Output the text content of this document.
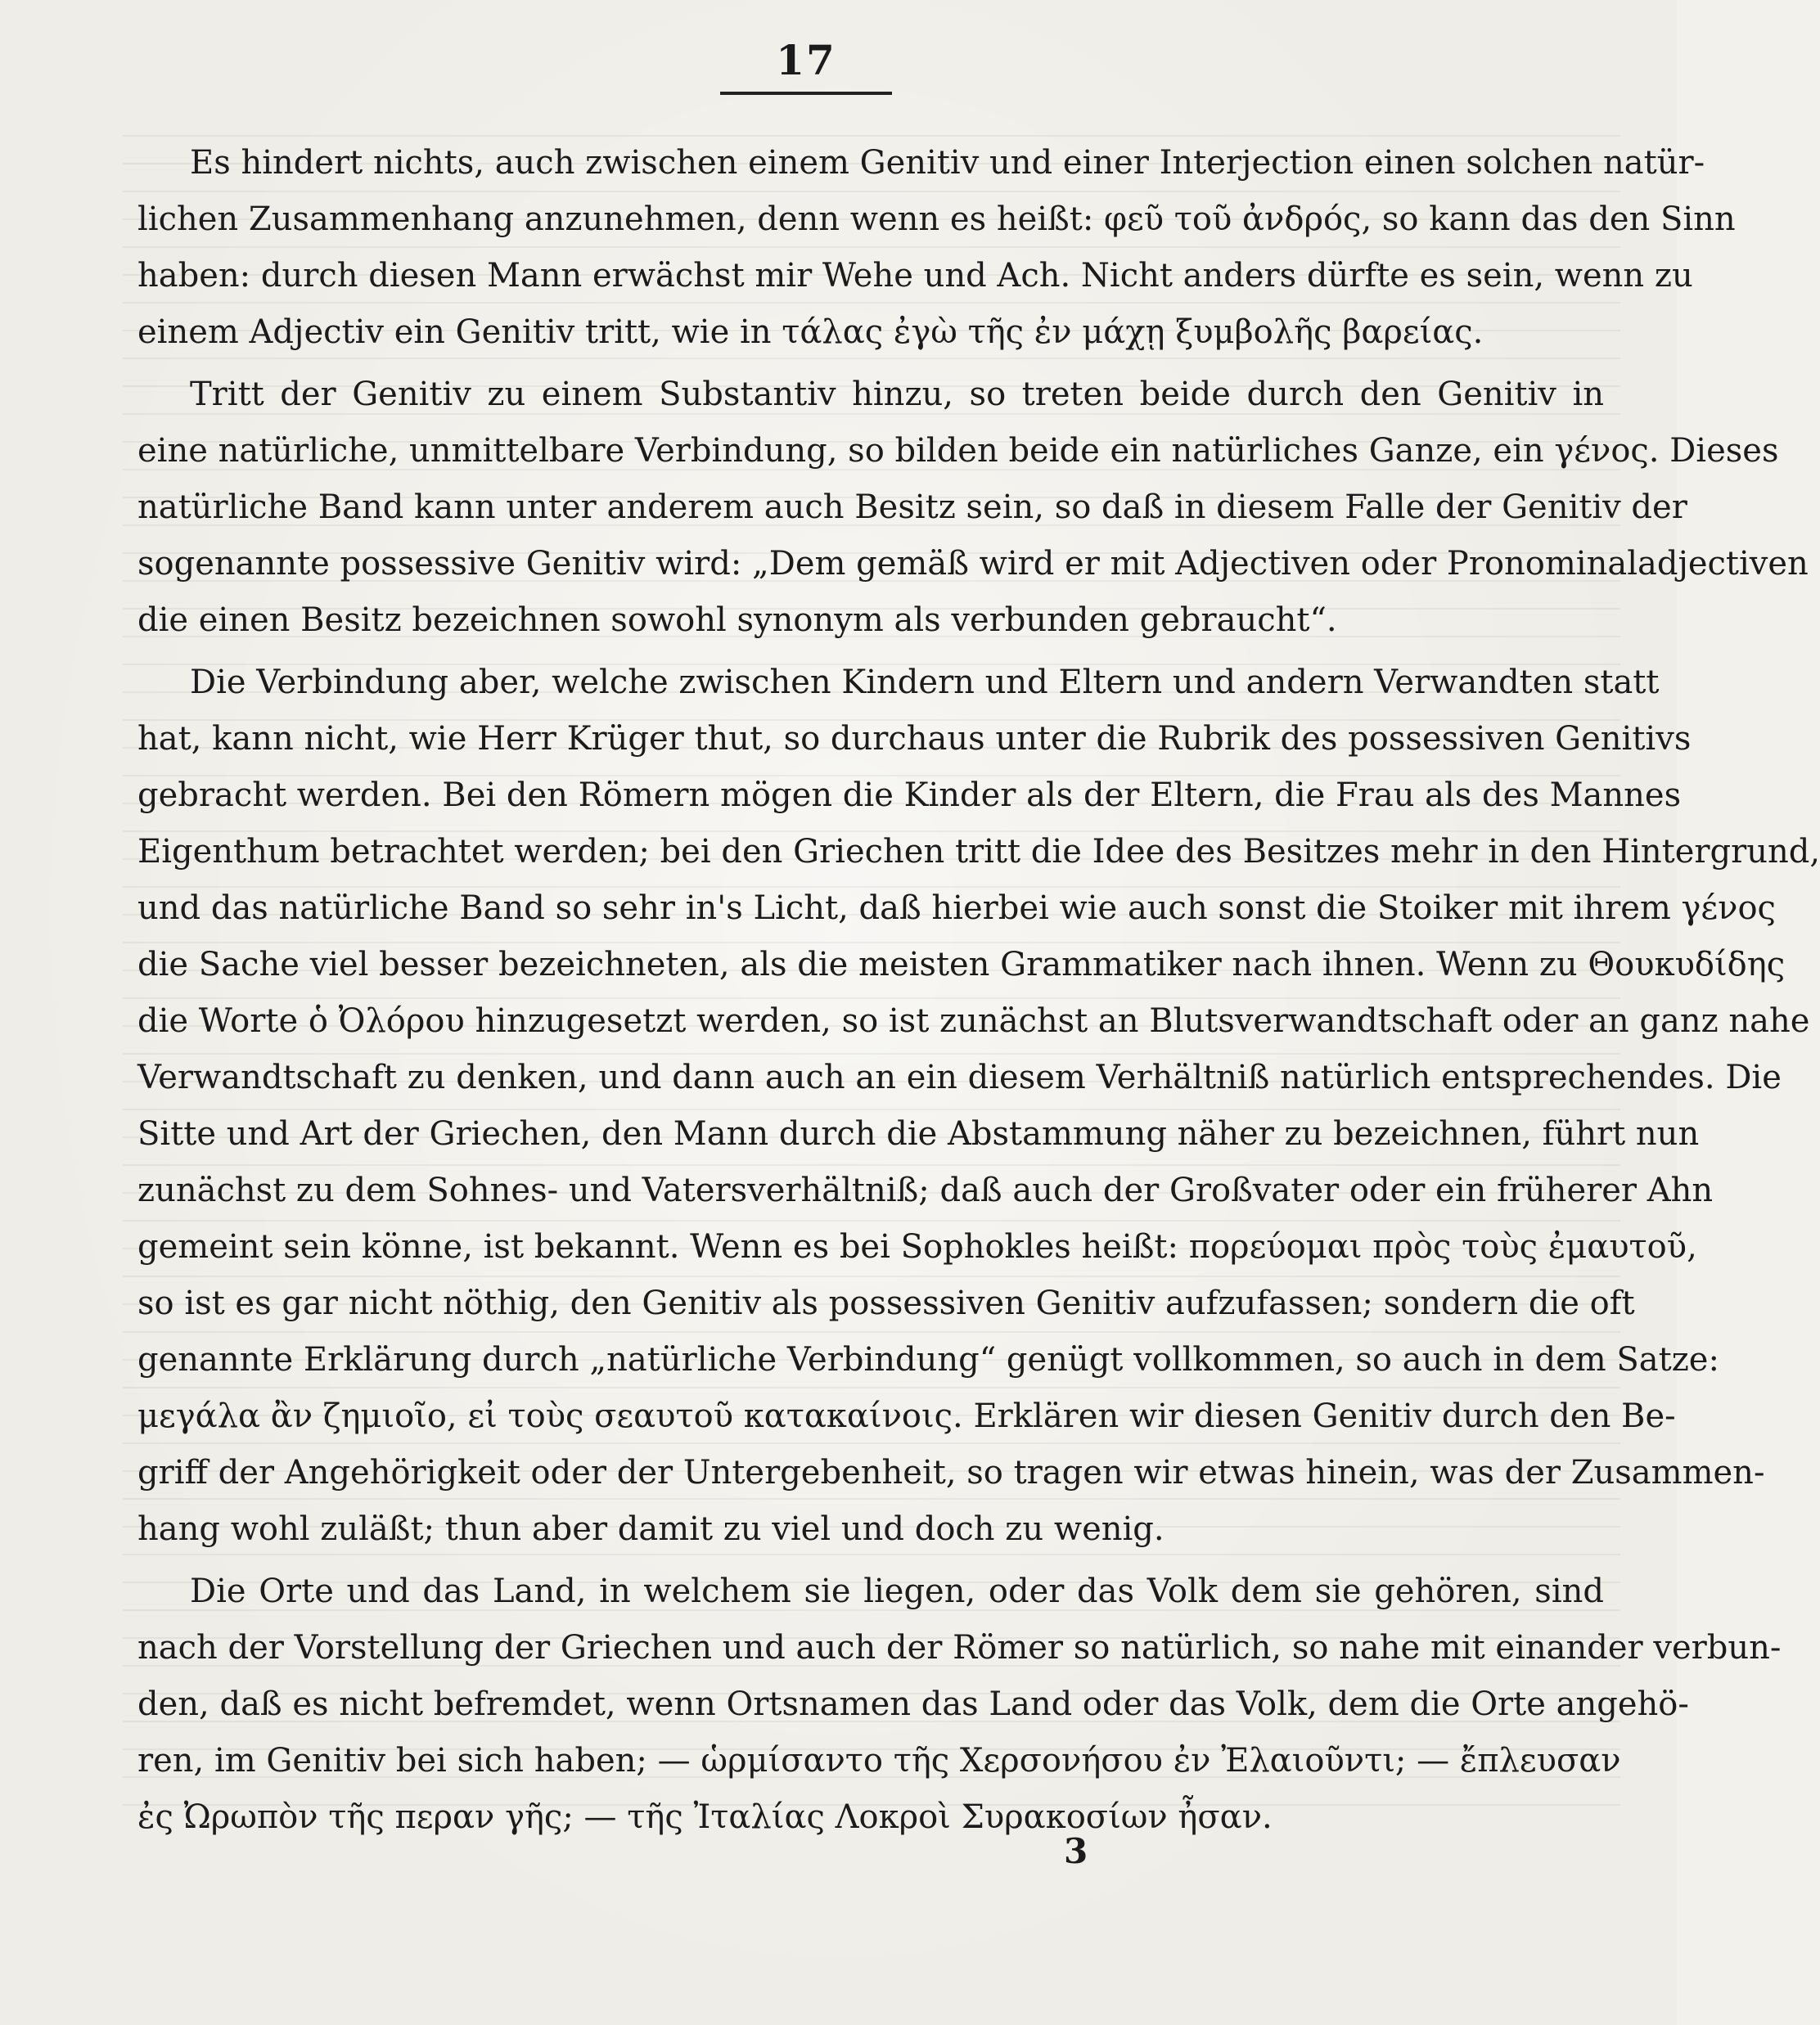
17
Es hindert nichts, auch zwischen einem Genitiv und einer Interjection einen solchen natür-
lichen Zusammenhang anzunehmen, denn wenn es heißt: φεῦ τοῦ ἀνδρός, so kann das den Sinn
haben: durch diesen Mann erwächst mir Wehe und Ach. Nicht anders dürfte es sein, wenn zu
einem Adjectiv ein Genitiv tritt, wie in τάλας ἐγὼ τῆς ἐν μάχῃ ξυμβολῆς βαρείας.
Tritt der Genitiv zu einem Substantiv hinzu, so treten beide durch den Genitiv in
eine natürliche, unmittelbare Verbindung, so bilden beide ein natürliches Ganze, ein γένος. Dieses
natürliche Band kann unter anderem auch Besitz sein, so daß in diesem Falle der Genitiv der
sogenannte possessive Genitiv wird: „Dem gemäß wird er mit Adjectiven oder Pronominaladjectiven
die einen Besitz bezeichnen sowohl synonym als verbunden gebraucht“.
Die Verbindung aber, welche zwischen Kindern und Eltern und andern Verwandten statt
hat, kann nicht, wie Herr Krüger thut, so durchaus unter die Rubrik des possessiven Genitivs
gebracht werden. Bei den Römern mögen die Kinder als der Eltern, die Frau als des Mannes
Eigenthum betrachtet werden; bei den Griechen tritt die Idee des Besitzes mehr in den Hintergrund,
und das natürliche Band so sehr in's Licht, daß hierbei wie auch sonst die Stoiker mit ihrem γένος
die Sache viel besser bezeichneten, als die meisten Grammatiker nach ihnen. Wenn zu Θουκυδίδης
die Worte ὁ Ὀλόρου hinzugesetzt werden, so ist zunächst an Blutsverwandtschaft oder an ganz nahe
Verwandtschaft zu denken, und dann auch an ein diesem Verhältniß natürlich entsprechendes. Die
Sitte und Art der Griechen, den Mann durch die Abstammung näher zu bezeichnen, führt nun
zunächst zu dem Sohnes- und Vatersverhältniß; daß auch der Großvater oder ein früherer Ahn
gemeint sein könne, ist bekannt. Wenn es bei Sophokles heißt: πορεύομαι πρὸς τοὺς ἐμαυτοῦ,
so ist es gar nicht nöthig, den Genitiv als possessiven Genitiv aufzufassen; sondern die oft
genannte Erklärung durch „natürliche Verbindung“ genügt vollkommen, so auch in dem Satze:
μεγάλα ἂν ζημιοῖο, εἰ τοὺς σεαυτοῦ κατακαίνοις. Erklären wir diesen Genitiv durch den Be-
griff der Angehörigkeit oder der Untergebenheit, so tragen wir etwas hinein, was der Zusammen-
hang wohl zuläßt; thun aber damit zu viel und doch zu wenig.
Die Orte und das Land, in welchem sie liegen, oder das Volk dem sie gehören, sind
nach der Vorstellung der Griechen und auch der Römer so natürlich, so nahe mit einander verbun-
den, daß es nicht befremdet, wenn Ortsnamen das Land oder das Volk, dem die Orte angehö-
ren, im Genitiv bei sich haben; — ὡρμίσαντο τῆς Χερσονήσου ἐν Ἐλαιοῦντι; — ἔπλευσαν
ἐς Ὠρωπὸν τῆς περαν γῆς; — τῆς Ἰταλίας Λοκροὶ Συρακοσίων ἦσαν.
3
